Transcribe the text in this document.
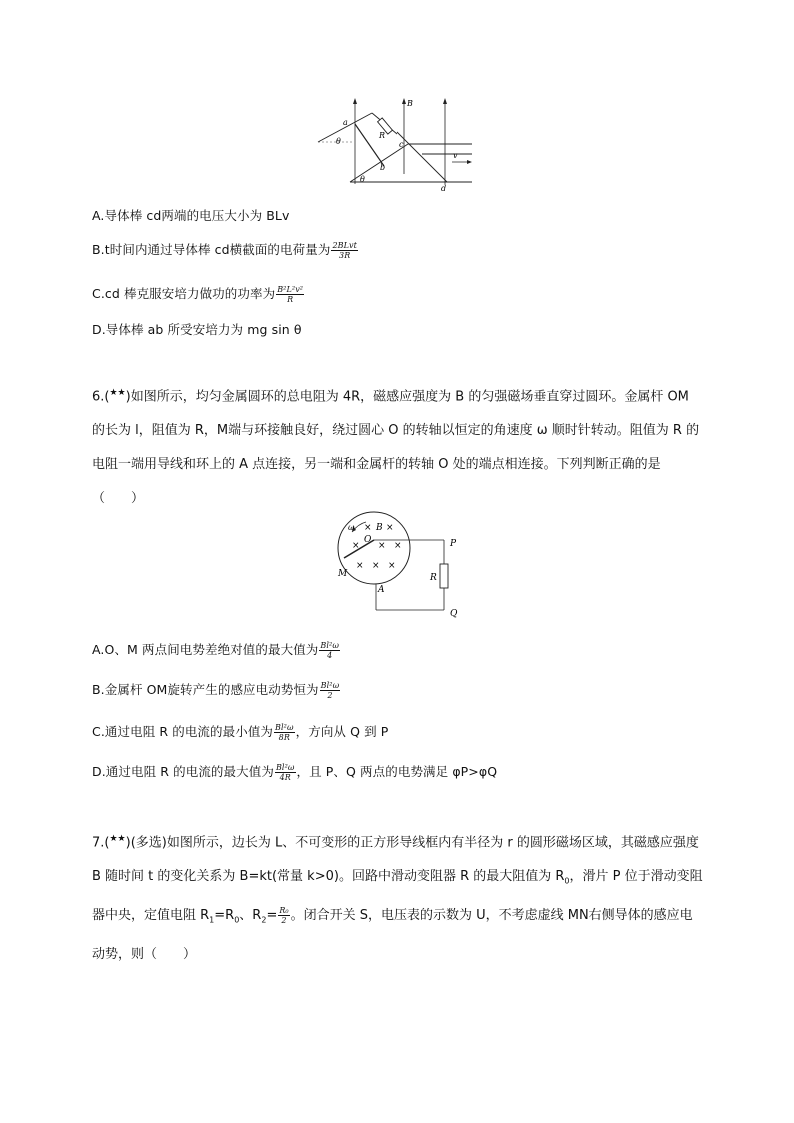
a
b
c
d
R
B
v
θ
θ
A.导体棒 cd两端的电压大小为 BLv
B.t时间内通过导体棒 cd横截面的电荷量为 $\frac{\text{2BLvt}}{3R}$
C.cd 棒克服安培力做功的功率为 $\frac{\text{B²L²v²}}{R}$
D.导体棒 ab 所受安培力为 mg sin θ
6.(★★)如图所示，均匀金属圆环的总电阻为 4R，磁感应强度为 B 的匀强磁场垂直穿过圆环。金属杆 OM 的长为 l，阻值为 R，M端与环接触良好，绕过圆心 O 的转轴以恒定的角速度 ω 顺时针转动。阻值为 R 的电阻一端用导线和环上的 A 点连接，另一端和金属杆的转轴 O 处的端点相连接。下列判断正确的是（　　）
× ×
× × ×
× × ×
ω B
O
M
A
P
Q
R
A.O、M 两点间电势差绝对值的最大值为 $\frac{\text{Bl²ω}}{4}$
B.金属杆 OM旋转产生的感应电动势恒为 $\frac{\text{Bl²ω}}{2}$
C.通过电阻 R 的电流的最小值为 $\frac{\text{Bl²ω}}{8R}$ ，方向从 Q 到 P
D.通过电阻 R 的电流的最大值为 $\frac{\text{Bl²ω}}{4R}$ ，且 P、Q 两点的电势满足 φP>φQ
7.(★★)(多选)如图所示，边长为 L、不可变形的正方形导线框内有半径为 r 的圆形磁场区域，其磁感应强度 B 随时间 t 的变化关系为 B=kt(常量 k>0)。回路中滑动变阻器 R 的最大阻值为 $R_0$，滑片 P 位于滑动变阻器中央，定值电阻 $R_1=R_0$、$R_2= \frac{\text{R₀}}{2}$ 。闭合开关 S，电压表的示数为 U，不考虑虚线 MN右侧导体的感应电动势，则（　　）
